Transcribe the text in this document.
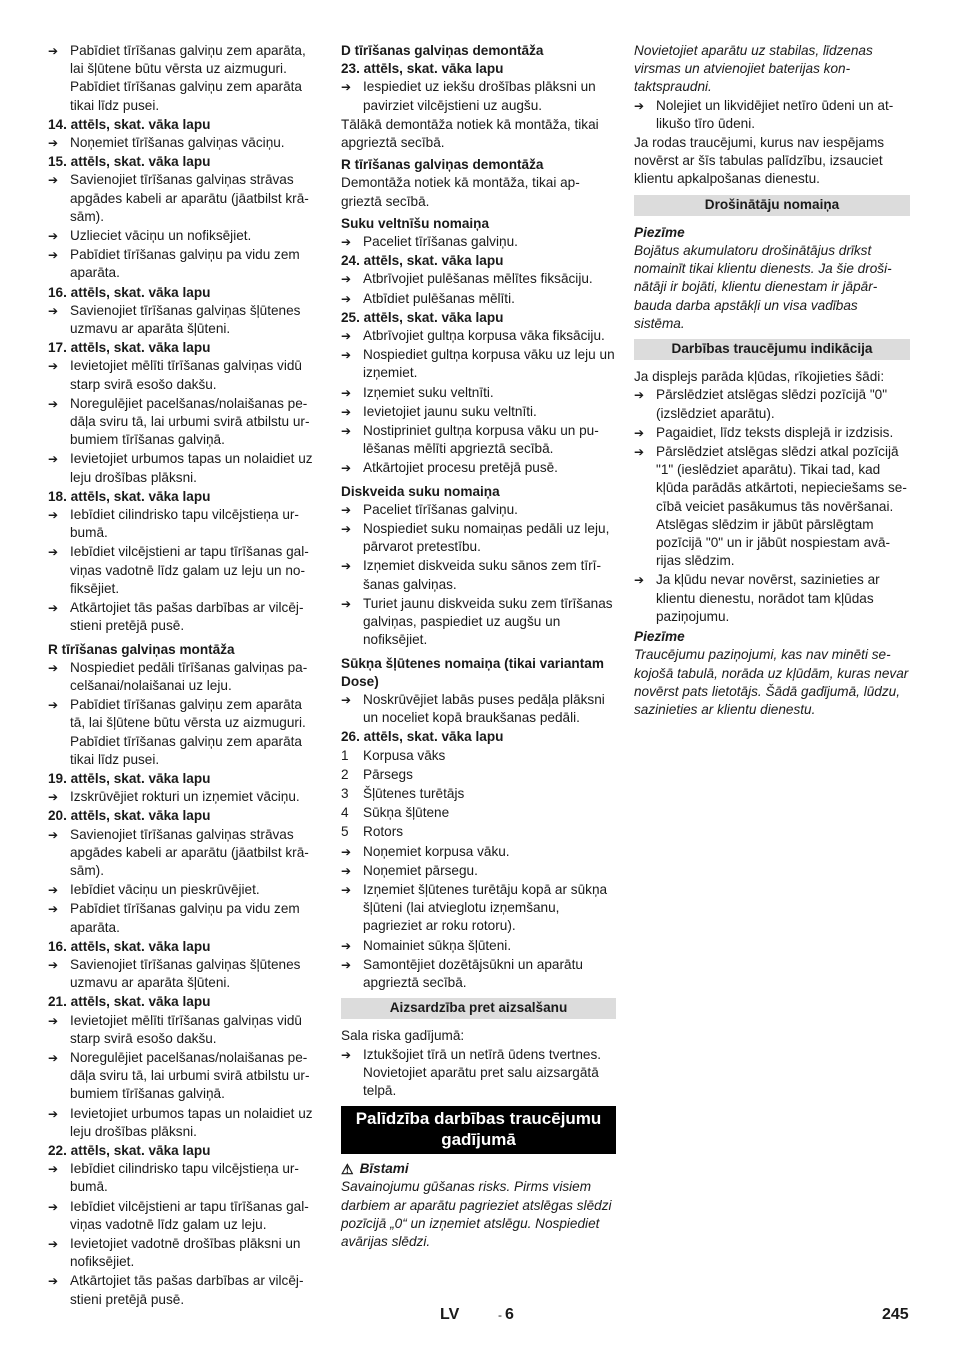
➔ Pabīdiet tīrīšanas galviņu zem aparāta, lai šļūtene būtu vērsta uz aizmuguri. Pabīdiet tīrīšanas galviņu zem aparāta tikai līdz pusei.

14. attēls, skat. vāka lapu

➔ Noņemiet tīrīšanas galviņas vāciņu.

15. attēls, skat. vāka lapu

➔ Savienojiet tīrīšanas galviņas strāvas apgādes kabeli ar aparātu (jāatbilst krāsām).
➔ Uzlieciet vāciņu un nofiksējiet.
➔ Pabīdiet tīrīšanas galviņu pa vidu zem aparāta.

16. attēls, skat. vāka lapu

➔ Savienojiet tīrīšanas galviņas šļūtenes uzmavu ar aparāta šļūteni.

17. attēls, skat. vāka lapu

➔ Ievietojiet mēlīti tīrīšanas galviņas vidū starp svirā esošo dakšu.
➔ Noregulējiet pacelšanas/nolaišanas pedāļa sviru tā, lai urbumi svirā atbilstu urbumiem tīrīšanas galviņā.
➔ Ievietojiet urbumos tapas un nolaidiet uz leju drošības plāksni.

18. attēls, skat. vāka lapu

➔ Iebīdiet cilindrisko tapu vilcējstieņa urbumā.
➔ Iebīdiet vilcējstieni ar tapu tīrīšanas galviņas vadotnē līdz galam uz leju un nofiksējiet.
➔ Atkārtojiet tās pašas darbības ar vilcējstieni pretējā pusē.

R tīrīšanas galviņas montāža

➔ Nospiediet pedāli tīrīšanas galviņas pacelšanai/nolaišanai uz leju.
➔ Pabīdiet tīrīšanas galviņu zem aparāta tā, lai šļūtene būtu vērsta uz aizmuguri. Pabīdiet tīrīšanas galviņu zem aparāta tikai līdz pusei.

19. attēls, skat. vāka lapu

➔ Izskrūvējiet rokturi un izņemiet vāciņu.

20. attēls, skat. vāka lapu

➔ Savienojiet tīrīšanas galviņas strāvas apgādes kabeli ar aparātu (jāatbilst krāsām).
➔ Iebīdiet vāciņu un pieskrūvējiet.
➔ Pabīdiet tīrīšanas galviņu pa vidu zem aparāta.

16. attēls, skat. vāka lapu

➔ Savienojiet tīrīšanas galviņas šļūtenes uzmavu ar aparāta šļūteni.

21. attēls, skat. vāka lapu

➔ Ievietojiet mēlīti tīrīšanas galviņas vidū starp svirā esošo dakšu.
➔ Noregulējiet pacelšanas/nolaišanas pedāļa sviru tā, lai urbumi svirā atbilstu urbumiem tīrīšanas galviņā.
➔ Ievietojiet urbumos tapas un nolaidiet uz leju drošības plāksni.

22. attēls, skat. vāka lapu

➔ Iebīdiet cilindrisko tapu vilcējstieņa urbumā.
➔ Iebīdiet vilcējstieni ar tapu tīrīšanas galviņas vadotnē līdz galam uz leju.
➔ Ievietojiet vadotnē drošības plāksni un nofiksējiet.
➔ Atkārtojiet tās pašas darbības ar vilcējstieni pretējā pusē.

D tīrīšanas galviņas demontāža

23. attēls, skat. vāka lapu

➔ Iespiediet uz iekšu drošības plāksni un pavirziet vilcējstieni uz augšu.

Tālākā demontāža notiek kā montāža, tikai apgrieztā secībā.

R tīrīšanas galviņas demontāža

Demontāža notiek kā montāža, tikai apgrieztā secībā.

Suku veltnīšu nomaiņa

➔ Paceliet tīrīšanas galviņu.

24. attēls, skat. vāka lapu

➔ Atbrīvojiet pulēšanas mēlītes fiksāciju.
➔ Atbīdiet pulēšanas mēlīti.

25. attēls, skat. vāka lapu

➔ Atbrīvojiet gultņa korpusa vāka fiksāciju.
➔ Nospiediet gultņa korpusa vāku uz leju un izņemiet.
➔ Izņemiet suku veltnīti.
➔ Ievietojiet jaunu suku veltnīti.
➔ Nostipriniet gultņa korpusa vāku un pulēšanas mēlīti apgrieztā secībā.
➔ Atkārtojiet procesu pretējā pusē.

Diskveida suku nomaiņa

➔ Paceliet tīrīšanas galviņu.
➔ Nospiediet suku nomaiņas pedāli uz leju, pārvarot pretestību.
➔ Izņemiet diskveida suku sānos zem tīrīšanas galviņas.
➔ Turiet jaunu diskveida suku zem tīrīšanas galviņas, paspiediet uz augšu un nofiksējiet.

Sūkņa šļūtenes nomaiņa (tikai variantam Dose)

➔ Noskrūvējiet labās puses pedāļa plāksni un noceliet kopā braukšanas pedāli.

26. attēls, skat. vāka lapu

1	Korpusa vāks
2	Pārsegs
3	Šļūtenes turētājs
4	Sūkņa šļūtene
5	Rotors
➔ Noņemiet korpusa vāku.
➔ Noņemiet pārsegu.
➔ Izņemiet šļūtenes turētāju kopā ar sūkņa šļūteni (lai atvieglotu izņemšanu, pagrieziet ar roku rotoru).
➔ Nomainiet sūkņa šļūteni.
➔ Samontējiet dozētājsūkni un aparātu apgrieztā secībā.
Aizsardzība pret aizsalšanu

Sala riska gadījumā:

➔ Iztukšojiet tīrā un netīrā ūdens tvertnes. Novietojiet aparātu pret salu aizsargātā telpā.
Palīdzība darbības traucējumu gadījumā
⚠ Bīstami

Savainojumu gūšanas risks. Pirms visiem darbiem ar aparātu pagrieziet atslēgas slēdzi pozīcijā „0“ un izņemiet atslēgu. Nospiediet avārijas slēdzi.

Novietojiet aparātu uz stabilas, līdzenas virsmas un atvienojiet baterijas kontaktspraudni.

➔ Nolejiet un likvidējiet netīro ūdeni un atlikušo tīro ūdeni.

Ja rodas traucējumi, kurus nav iespējams novērst ar šīs tabulas palīdzību, izsauciet klientu apkalpošanas dienestu.

Drošinātāju nomaiņa

Piezīme

Bojātus akumulatoru drošinātājus drīkst nomainīt tikai klientu dienests. Ja šie drošinātāji ir bojāti, klientu dienestam ir jāpārbauda darba apstākļi un visa vadības sistēma.

Darbības traucējumu indikācija

Ja displejs parāda kļūdas, rīkojieties šādi:

➔ Pārslēdziet atslēgas slēdzi pozīcijā "0" (izslēdziet aparātu).
➔ Pagaidiet, līdz teksts displejā ir izdzisis.
➔ Pārslēdziet atslēgas slēdzi atkal pozīcijā "1" (ieslēdziet aparātu). Tikai tad, kad kļūda parādās atkārtoti, nepieciešams secībā veiciet pasākumus tās novēršanai. Atslēgas slēdzim ir jābūt pārslēgtam pozīcijā "0" un ir jābūt nospiestam avārijas slēdzim.
➔ Ja kļūdu nevar novērst, sazinieties ar klientu dienestu, norādot tam kļūdas paziņojumu.

Piezīme

Traucējumu paziņojumi, kas nav minēti sekojošā tabulā, norāda uz kļūdām, kuras nevar novērst pats lietotājs. Šādā gadījumā, lūdzu, sazinieties ar klientu dienestu.

LV	- 6	245
